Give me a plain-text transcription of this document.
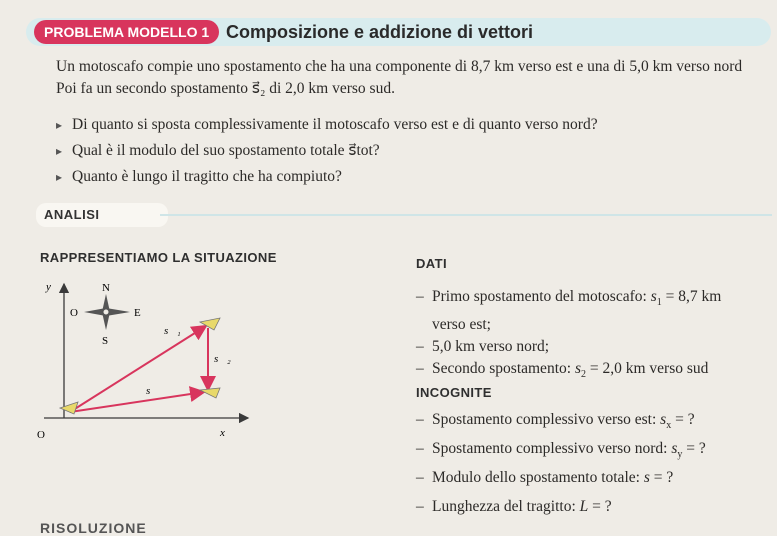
PROBLEMA MODELLO 1 Composizione e addizione di vettori

Un motoscafo compie uno spostamento che ha una componente di 8,7 km verso est e una di 5,0 km verso nord

Poi fa un secondo spostamento s⃗₂ di 2,0 km verso sud.

▸ Di quanto si sposta complessivamente il motoscafo verso est e di quanto verso nord?
▸ Qual è il modulo del suo spostamento totale s⃗tot?
▸ Quanto è lungo il tragitto che ha compiuto?
ANALISI
RAPPRESENTIAMO LA SITUAZIONE	DATI
INCOGNITE
y
x
O
N
S
O	E
s⃗₁
s⃗₂
s⃗
– Primo spostamento del motoscafo: $s_1 = 8,7$ km
verso est;
– 5,0 km verso nord;
– Secondo spostamento: $s_2 = 2,0$ km verso sud
– Spostamento complessivo verso est: $s_x$ = ?
– Spostamento complessivo verso nord: $s_y$ = ?
– Modulo dello spostamento totale: s = ?
– Lunghezza del tragitto: L = ?
RISOLUZIONE
